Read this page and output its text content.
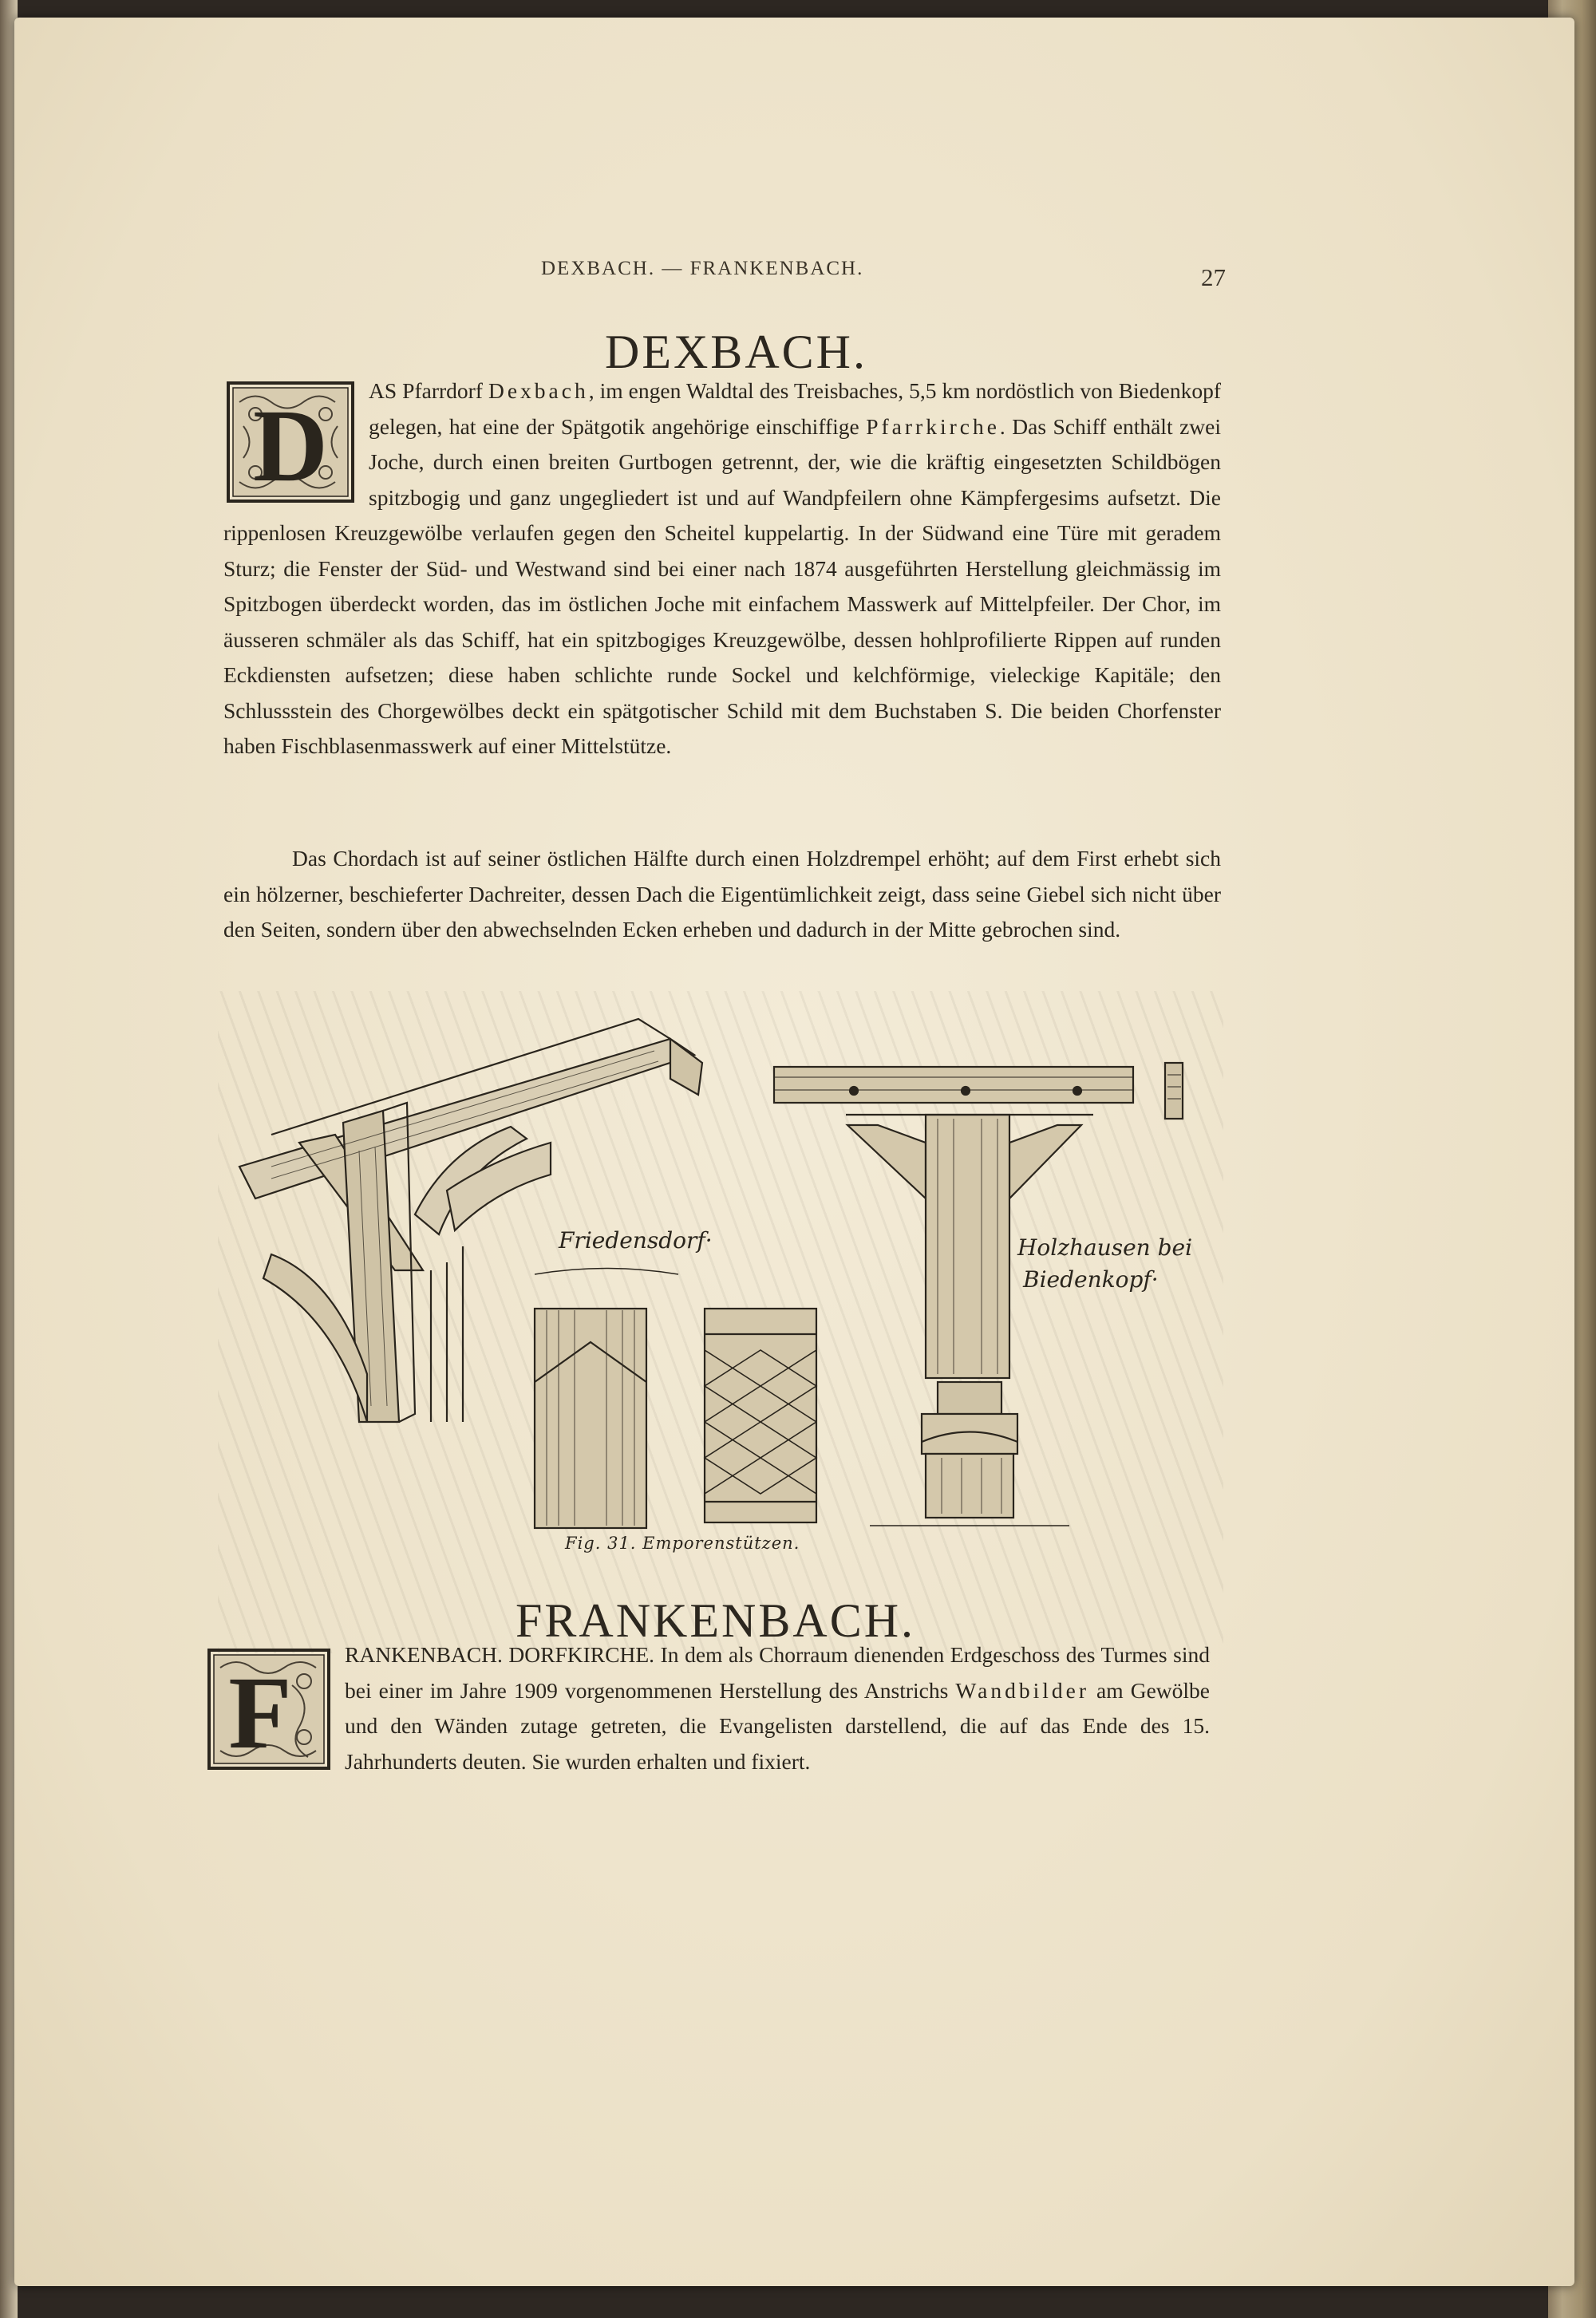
DEXBACH. — FRANKENBACH.	27
DEXBACH.
D AS Pfarrdorf Dexbach, im engen Waldtal des Treisbaches, 5,5 km nordöstlich von Biedenkopf gelegen, hat eine der Spätgotik angehörige einschiffige Pfarrkirche. Das Schiff enthält zwei Joche, durch einen breiten Gurtbogen getrennt, der, wie die kräftig eingesetzten Schildbögen spitzbogig und ganz ungegliedert ist und auf Wandpfeilern ohne Kämpfergesims aufsetzt. Die rippenlosen Kreuzgewölbe verlaufen gegen den Scheitel kuppelartig. In der Südwand eine Türe mit geradem Sturz; die Fenster der Süd- und Westwand sind bei einer nach 1874 ausgeführten Herstellung gleichmässig im Spitzbogen überdeckt worden, das im östlichen Joche mit einfachem Masswerk auf Mittelpfeiler. Der Chor, im äusseren schmäler als das Schiff, hat ein spitzbogiges Kreuzgewölbe, dessen hohlprofilierte Rippen auf runden Eckdiensten aufsetzen; diese haben schlichte runde Sockel und kelchförmige, vieleckige Kapitäle; den Schlussstein des Chorgewölbes deckt ein spätgotischer Schild mit dem Buchstaben S. Die beiden Chorfenster haben Fischblasenmasswerk auf einer Mittelstütze.
Das Chordach ist auf seiner östlichen Hälfte durch einen Holzdrempel erhöht; auf dem First erhebt sich ein hölzerner, beschieferter Dachreiter, dessen Dach die Eigentümlichkeit zeigt, dass seine Giebel sich nicht über den Seiten, sondern über den abwechselnden Ecken erheben und dadurch in der Mitte gebrochen sind.
Friedensdorf·	Holzhausen bei
Biedenkopf·
Fig. 31. Emporenstützen.
FRANKENBACH.
F
RANKENBACH. DORFKIRCHE. In dem als Chorraum dienenden Erdgeschoss des Turmes sind bei einer im Jahre 1909 vorgenommenen Herstellung des Anstrichs Wandbilder am Gewölbe und den Wänden zutage getreten, die Evangelisten darstellend, die auf das Ende des 15. Jahrhunderts deuten. Sie wurden erhalten und fixiert.
